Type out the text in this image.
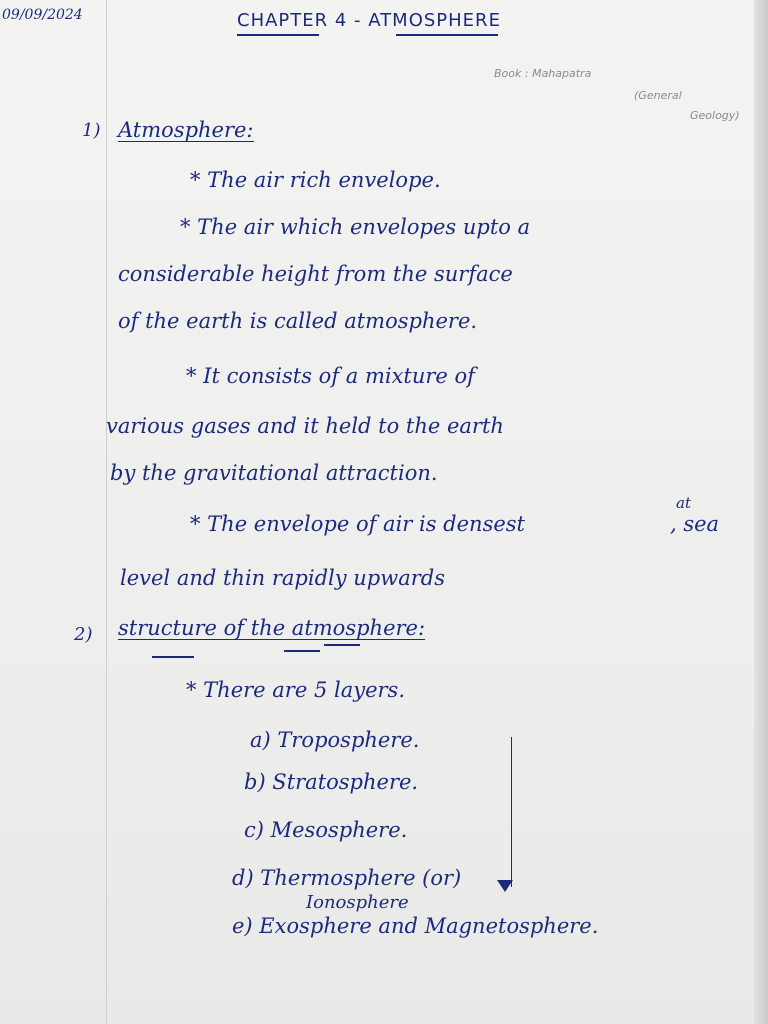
09/09/2024	CHAPTER 4 - ATMOSPHERE
Book : Mahapatra
(General
Geology)
1) Atmosphere:
* The air rich envelope.
* The air which envelopes upto a
considerable height from the surface
of the earth is called atmosphere.
* It consists of a mixture of
various gases and it held to the earth
by the gravitational attraction.
* The envelope of air is densest
at
, sea
level and thin rapidly upwards
2) structure of the atmosphere:
* There are 5 layers.
a) Troposphere.
b) Stratosphere.
c) Mesosphere.
d) Thermosphere (or)
Ionosphere
e) Exosphere and Magnetosphere.
